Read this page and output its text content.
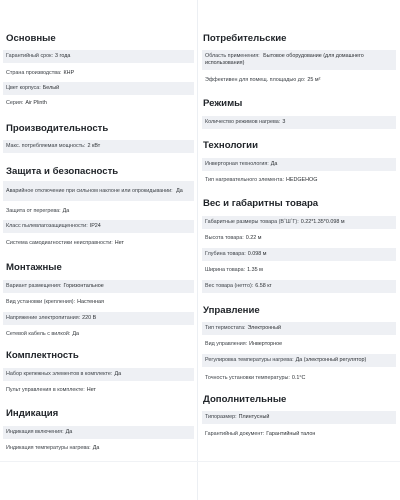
Основные
Гарантийный срок: 3 года
Страна производства: КНР
Цвет корпуса: Белый
Серия: Air Plinth
Производительность
Макс. потребляемая мощность: 2 кВт
Защита и безопасность
Аварийное отключение при сильном наклоне или опрокидывании: Да
Защита от перегрева: Да
Класс пылевлагозащищенности: IP24
Система самодиагностики неисправности: Нет
Монтажные
Вариант размещения: Горизонтальное
Вид установки (крепления): Настенная
Напряжение электропитания: 220 В
Сетевой кабель с вилкой: Да
Комплектность
Набор крепежных элементов в комплекте: Да
Пульт управления в комплекте: Нет
Индикация
Индикация включения: Да
Индикация температуры нагрева: Да
Потребительские
Область применения: Бытовое оборудование (для домашнего использования)
Эффективен для помещ. площадью до: 25 м²
Режимы
Количество режимов нагрева: 3
Технологии
Инверторная технология: Да
Тип нагревательного элемента: HEDGEHOG
Вес и габаритны товара
Габаритные размеры товара (ВˆШˆГ): 0.22*1.35*0.098 м
Высота товара: 0.22 м
Глубина товара: 0.098 м
Ширина товара: 1.35 м
Вес товара (нетто): 6.58 кг
Управление
Тип термостата: Электронный
Вид управления: Инверторное
Регулировка температуры нагрева: Да (электронный регулятор)
Точность установки температуры: 0.1°С
Дополнительные
Типоразмер: Плинтусный
Гарантийный документ: Гарантийный талон
